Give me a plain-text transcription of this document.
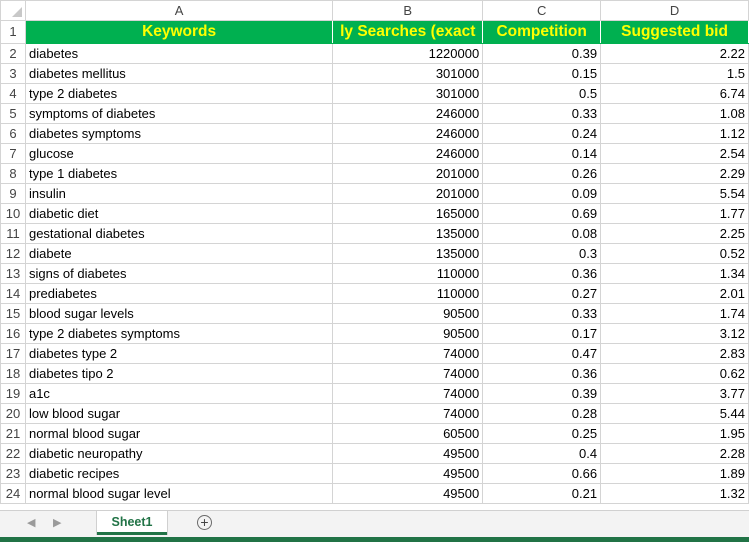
	A	B	C	D
1	Keywords	ly Searches (exact	Competition	Suggested bid
2	diabetes	1220000	0.39	2.22
3	diabetes mellitus	301000	0.15	1.5
4	type 2 diabetes	301000	0.5	6.74
5	symptoms of diabetes	246000	0.33	1.08
6	diabetes symptoms	246000	0.24	1.12
7	glucose	246000	0.14	2.54
8	type 1 diabetes	201000	0.26	2.29
9	insulin	201000	0.09	5.54
10	diabetic diet	165000	0.69	1.77
11	gestational diabetes	135000	0.08	2.25
12	diabete	135000	0.3	0.52
13	signs of diabetes	110000	0.36	1.34
14	prediabetes	110000	0.27	2.01
15	blood sugar levels	90500	0.33	1.74
16	type 2 diabetes symptoms	90500	0.17	3.12
17	diabetes type 2	74000	0.47	2.83
18	diabetes tipo 2	74000	0.36	0.62
19	a1c	74000	0.39	3.77
20	low blood sugar	74000	0.28	5.44
21	normal blood sugar	60500	0.25	1.95
22	diabetic neuropathy	49500	0.4	2.28
23	diabetic recipes	49500	0.66	1.89
24	normal blood sugar level	49500	0.21	1.32
◀ ▶	Sheet1	+
